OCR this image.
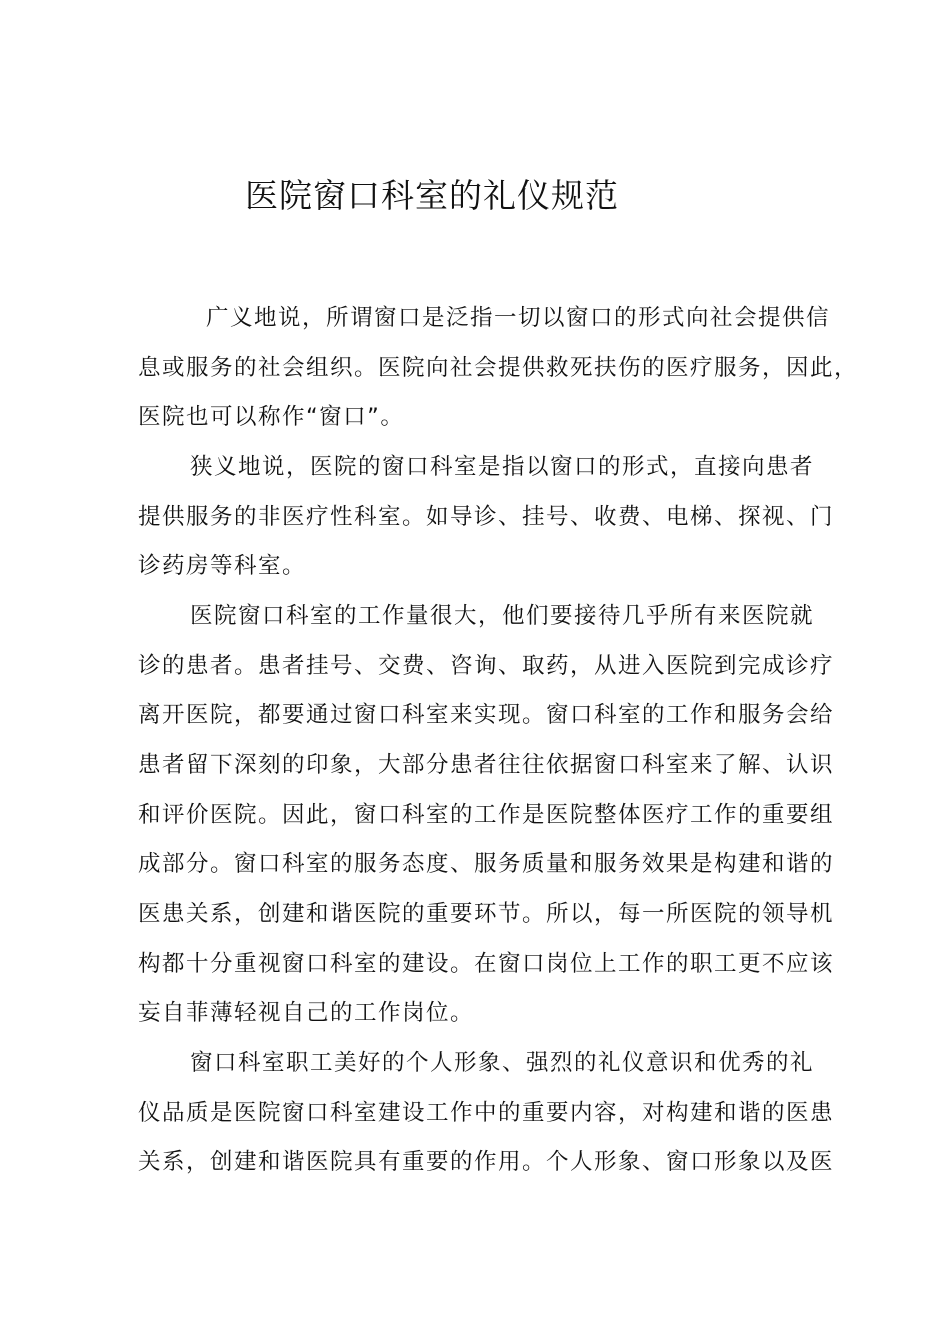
医院窗口科室的礼仪规范

广义地说，所谓窗口是泛指一切以窗口的形式向社会提供信

息或服务的社会组织。医院向社会提供救死扶伤的医疗服务，因此，

医院也可以称作“窗口”。

狭义地说，医院的窗口科室是指以窗口的形式，直接向患者

提供服务的非医疗性科室。如导诊、挂号、收费、电梯、探视、门

诊药房等科室。

医院窗口科室的工作量很大，他们要接待几乎所有来医院就

诊的患者。患者挂号、交费、咨询、取药，从进入医院到完成诊疗

离开医院，都要通过窗口科室来实现。窗口科室的工作和服务会给

患者留下深刻的印象，大部分患者往往依据窗口科室来了解、认识

和评价医院。因此，窗口科室的工作是医院整体医疗工作的重要组

成部分。窗口科室的服务态度、服务质量和服务效果是构建和谐的

医患关系，创建和谐医院的重要环节。所以，每一所医院的领导机

构都十分重视窗口科室的建设。在窗口岗位上工作的职工更不应该

妄自菲薄轻视自己的工作岗位。

窗口科室职工美好的个人形象、强烈的礼仪意识和优秀的礼

仪品质是医院窗口科室建设工作中的重要内容，对构建和谐的医患

关系，创建和谐医院具有重要的作用。个人形象、窗口形象以及医
